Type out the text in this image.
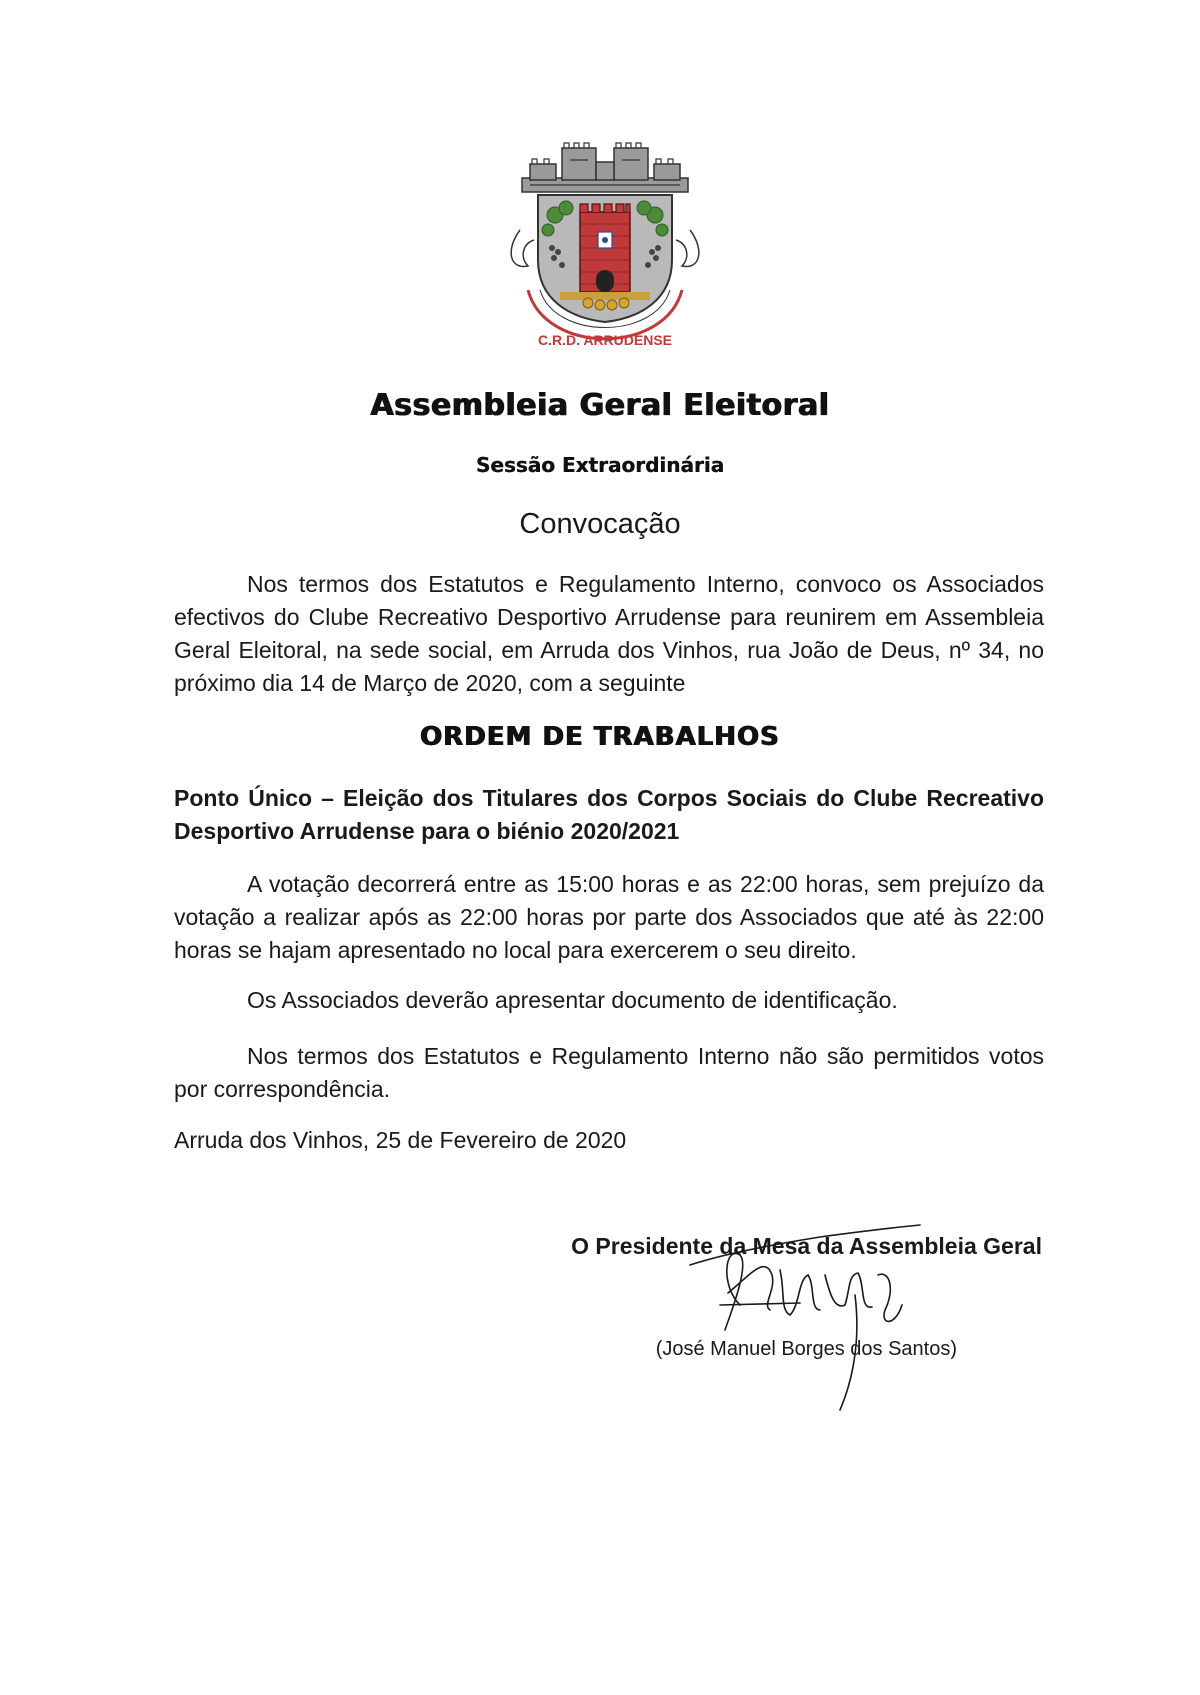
C.R.D. ARRUDENSE
Assembleia Geral Eleitoral
Sessão Extraordinária
Convocação
Nos termos dos Estatutos e Regulamento Interno, convoco os Associados efectivos do Clube Recreativo Desportivo Arrudense para reunirem em Assembleia Geral Eleitoral, na sede social, em Arruda dos Vinhos, rua João de Deus, nº 34, no próximo dia 14 de Março de 2020, com a seguinte
ORDEM DE TRABALHOS
Ponto Único – Eleição dos Titulares dos Corpos Sociais do Clube Recreativo Desportivo Arrudense para o biénio 2020/2021
A votação decorrerá entre as 15:00 horas e as 22:00 horas, sem prejuízo da votação a realizar após as 22:00 horas por parte dos Associados que até às 22:00 horas se hajam apresentado no local para exercerem o seu direito.
Os Associados deverão apresentar documento de identificação.
Nos termos dos Estatutos e Regulamento Interno não são permitidos votos por correspondência.
Arruda dos Vinhos, 25 de Fevereiro de 2020
O Presidente da Mesa da Assembleia Geral
(José Manuel Borges dos Santos)
